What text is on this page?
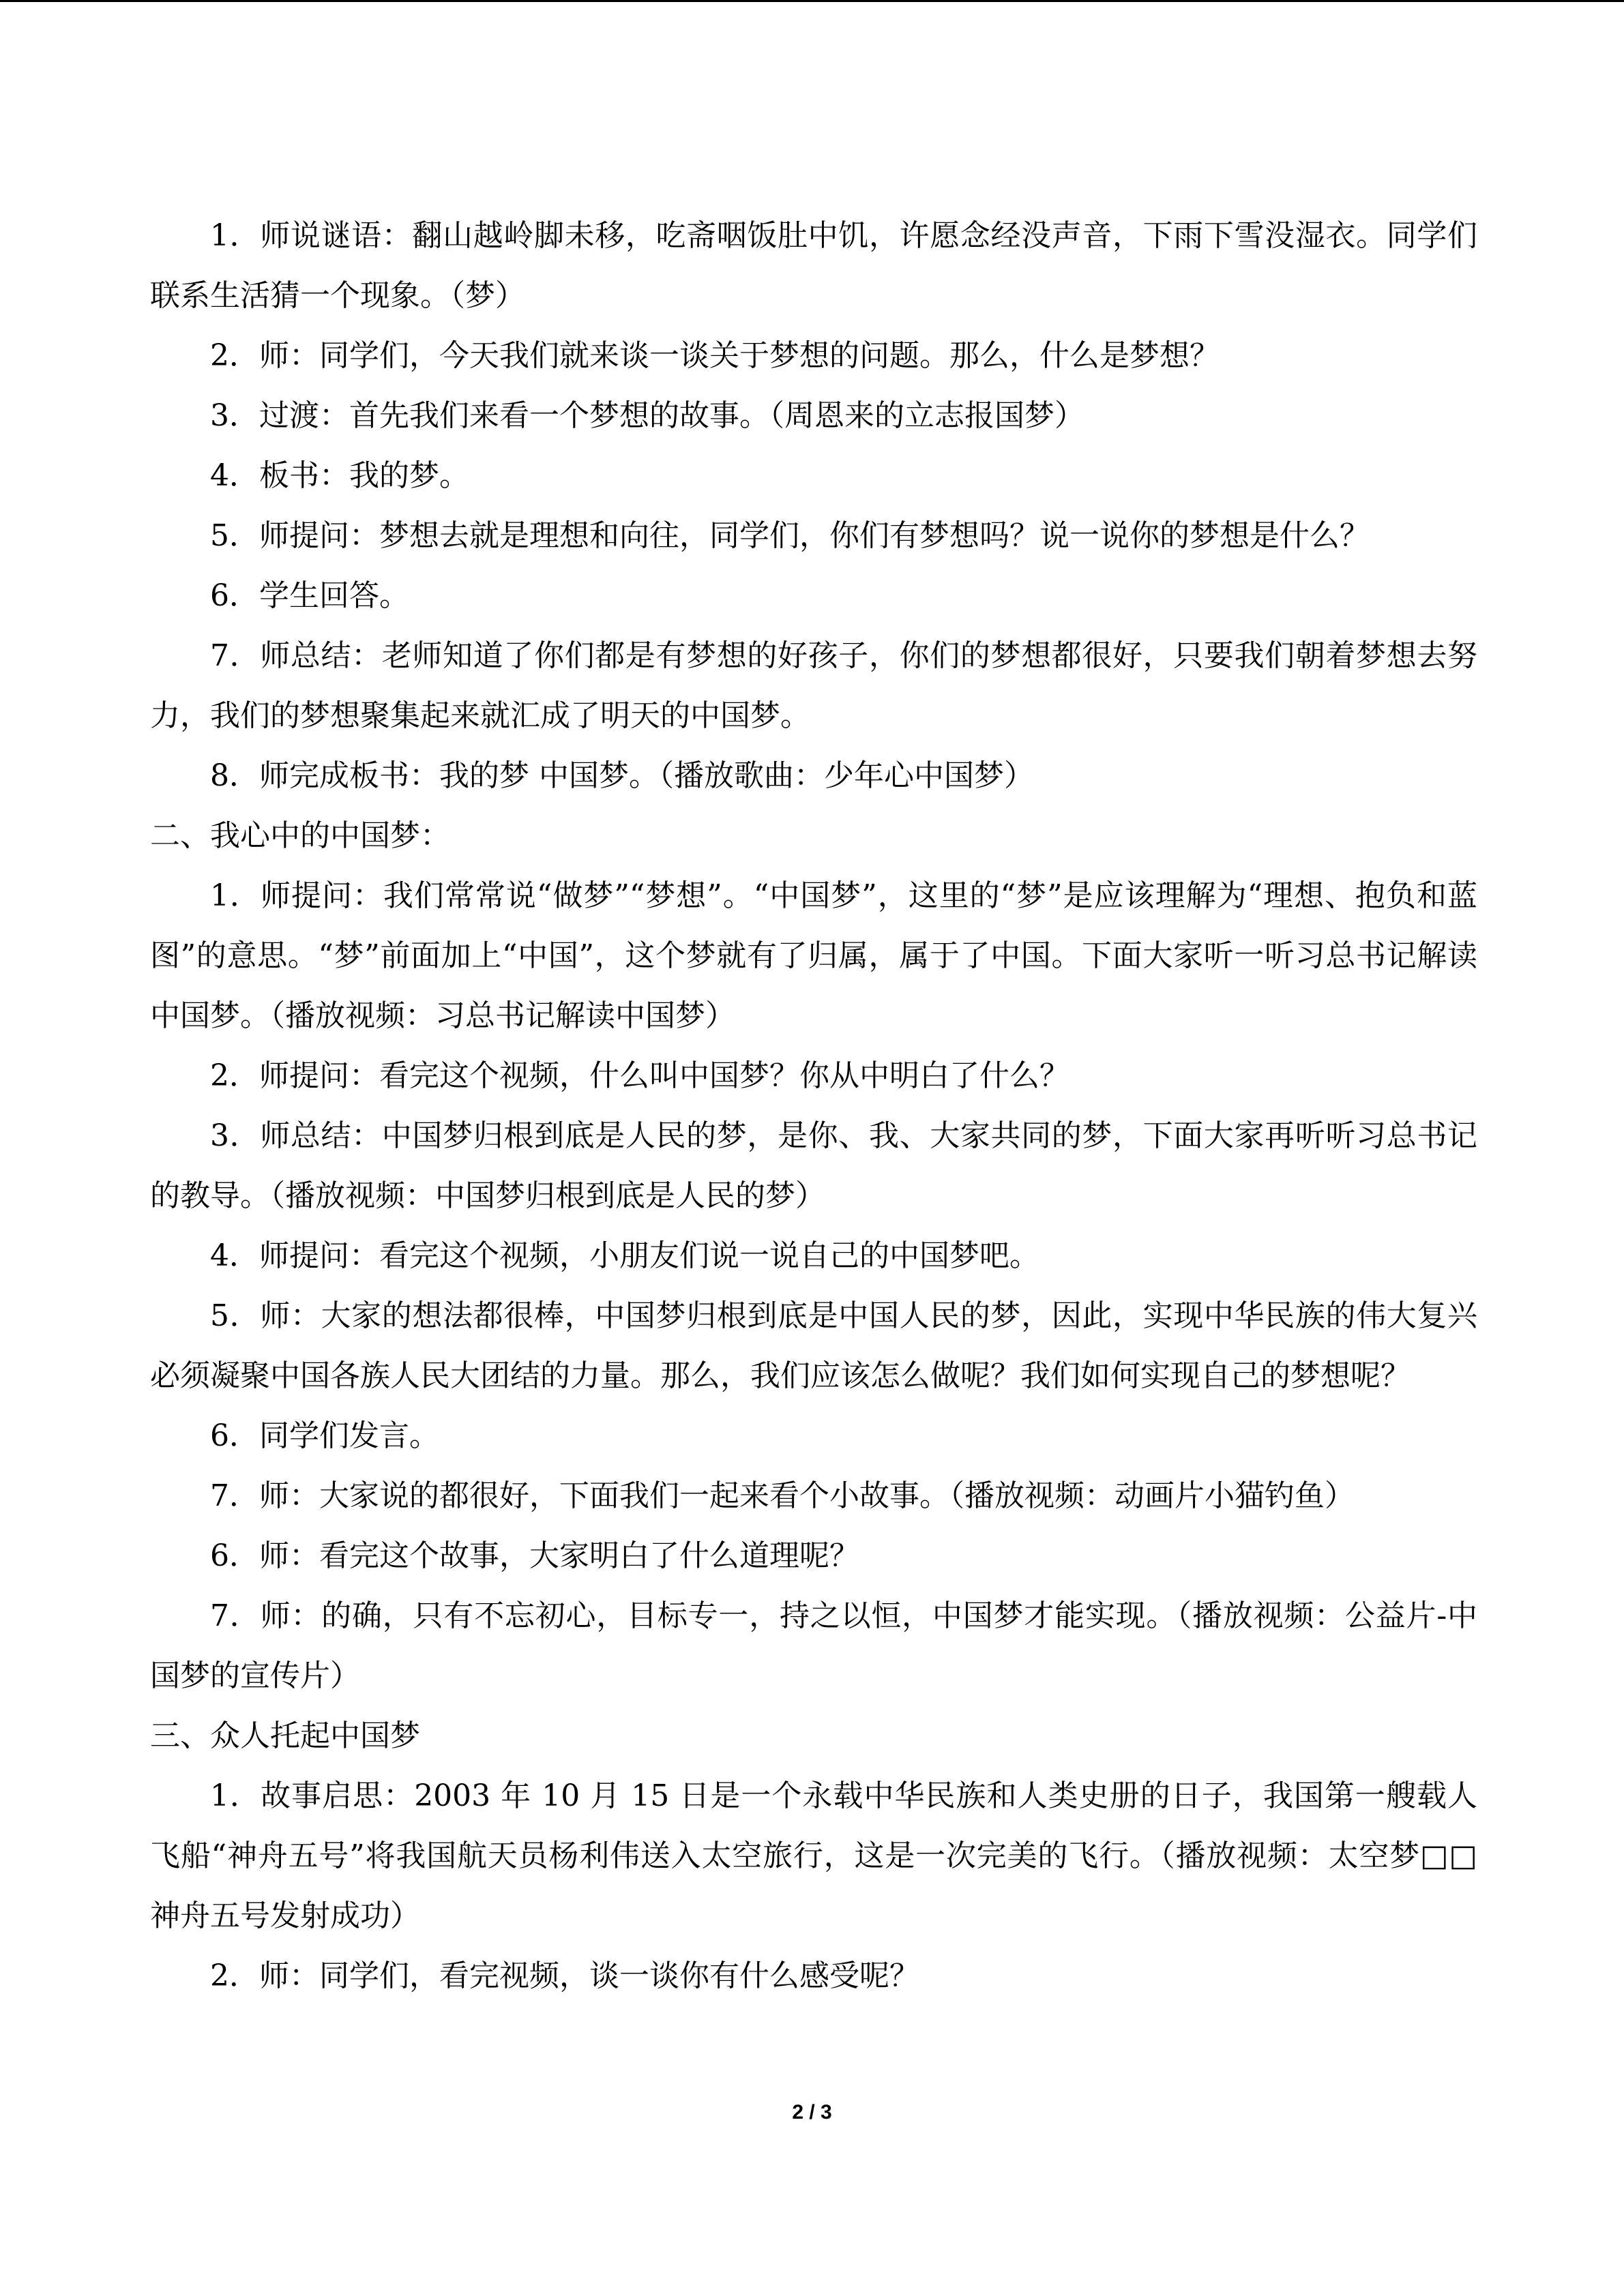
1．师说谜语：翻山越岭脚未移，吃斋咽饭肚中饥，许愿念经没声音，下雨下雪没湿衣。同学们联系生活猜一个现象。（梦）

2．师：同学们，今天我们就来谈一谈关于梦想的问题。那么，什么是梦想？

3．过渡：首先我们来看一个梦想的故事。（周恩来的立志报国梦）

4．板书：我的梦。

5．师提问：梦想去就是理想和向往，同学们，你们有梦想吗？说一说你的梦想是什么？

6．学生回答。

7．师总结：老师知道了你们都是有梦想的好孩子，你们的梦想都很好，只要我们朝着梦想去努力，我们的梦想聚集起来就汇成了明天的中国梦。

8．师完成板书：我的梦 中国梦。（播放歌曲：少年心中国梦）

二、我心中的中国梦：

1．师提问：我们常常说“做梦”“梦想”。“中国梦”，这里的“梦”是应该理解为“理想、抱负和蓝图”的意思。“梦”前面加上“中国”，这个梦就有了归属，属于了中国。下面大家听一听习总书记解读中国梦。（播放视频：习总书记解读中国梦）

2．师提问：看完这个视频，什么叫中国梦？你从中明白了什么？

3．师总结：中国梦归根到底是人民的梦，是你、我、大家共同的梦，下面大家再听听习总书记的教导。（播放视频：中国梦归根到底是人民的梦）

4．师提问：看完这个视频，小朋友们说一说自己的中国梦吧。

5．师：大家的想法都很棒，中国梦归根到底是中国人民的梦，因此，实现中华民族的伟大复兴必须凝聚中国各族人民大团结的力量。那么，我们应该怎么做呢？我们如何实现自己的梦想呢？

6．同学们发言。

7．师：大家说的都很好，下面我们一起来看个小故事。（播放视频：动画片小猫钓鱼）

6．师：看完这个故事，大家明白了什么道理呢？

7．师：的确，只有不忘初心，目标专一，持之以恒，中国梦才能实现。（播放视频：公益片-中国梦的宣传片）

三、众人托起中国梦

1．故事启思：2003 年 10 月 15 日是一个永载中华民族和人类史册的日子，我国第一艘载人飞船“神舟五号”将我国航天员杨利伟送入太空旅行，这是一次完美的飞行。（播放视频：太空梦□□神舟五号发射成功）

2．师：同学们，看完视频，谈一谈你有什么感受呢？

2 / 3
